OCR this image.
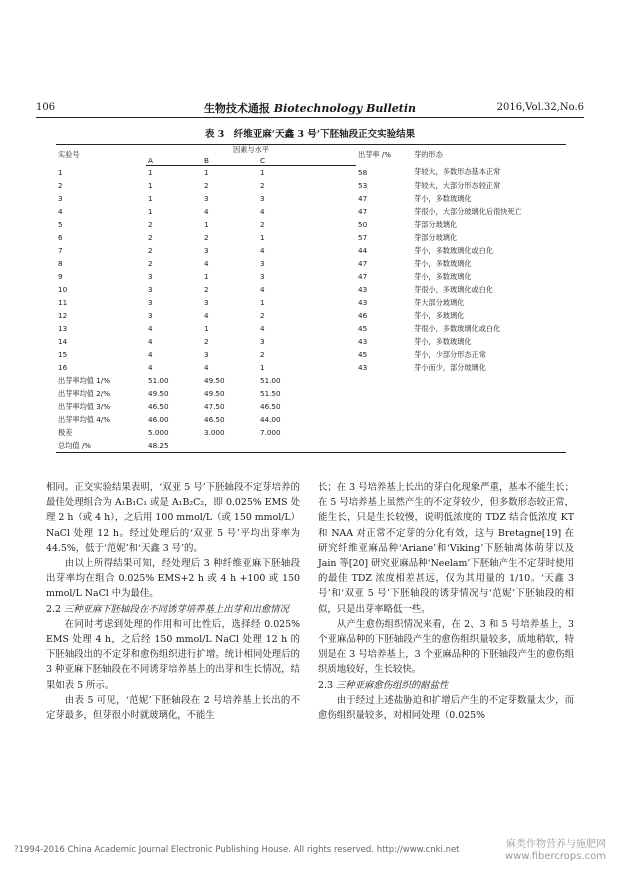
106	生物技术通报 Biotechnology Bulletin	2016,Vol.32,No.6
表 3　纤维亚麻‘天鑫 3 号’下胚轴段正交实验结果
实验号	因素与水平			出芽率 /%	芽的形态
	A	B	C		
1	1	1	1	58	芽较大，多数形态基本正常
2	1	2	2	53	芽较大，大部分形态较正常
3	1	3	3	47	芽小，多数玻璃化
4	1	4	4	47	芽很小，大部分玻璃化后很快死亡
5	2	1	2	50	芽部分玻璃化
6	2	2	1	57	芽部分玻璃化
7	2	3	4	44	芽小，多数玻璃化或白化
8	2	4	3	47	芽小，多数玻璃化
9	3	1	3	47	芽小，多数玻璃化
10	3	2	4	43	芽很小，多玻璃化或白化
11	3	3	1	43	芽大部分玻璃化
12	3	4	2	46	芽小，多玻璃化
13	4	1	4	45	芽很小，多数玻璃化或白化
14	4	2	3	43	芽小，多数玻璃化
15	4	3	2	45	芽小，少部分形态正常
16	4	4	1	43	芽小而少，部分玻璃化
出芽率均值 1/%	51.00	49.50	51.00		
出芽率均值 2/%	49.50	49.50	51.50		
出芽率均值 3/%	46.50	47.50	46.50		
出芽率均值 4/%	46.00	46.50	44.00		
极差	5.000	3.000	7.000		
总均值 /%	48.25				

相同。正交实验结果表明，‘双亚 5 号’下胚轴段不定芽培养的最佳处理组合为 A₁B₁C₁ 或是 A₁B₂C₂，即 0.025% EMS 处理 2 h（或 4 h），之后用 100 mmol/L（或 150 mmol/L）NaCl 处理 12 h。经过处理后的‘双亚 5 号’平均出芽率为 44.5%，低于‘范妮’和‘天鑫 3 号’的。

由以上所得结果可知，经处理后 3 种纤维亚麻下胚轴段出芽率均在组合 0.025% EMS+2 h 或 4 h +100 或 150 mmol/L NaCl 中为最佳。

2.2 三种亚麻下胚轴段在不同诱芽培养基上出芽和出愈情况

在同时考虑到处理的作用和可比性后，选择经 0.025% EMS 处理 4 h，之后经 150 mmol/L NaCl 处理 12 h 的下胚轴段出的不定芽和愈伤组织进行扩增。统计相同处理后的 3 种亚麻下胚轴段在不同诱芽培养基上的出芽和生长情况，结果如表 5 所示。

由表 5 可见，‘范妮’下胚轴段在 2 号培养基上长出的不定芽最多，但芽很小时就玻璃化，不能生

长；在 3 号培养基上长出的芽白化现象严重，基本不能生长；在 5 号培养基上虽然产生的不定芽较少，但多数形态较正常，能生长，只是生长较慢，说明低浓度的 TDZ 结合低浓度 KT 和 NAA 对正常不定芽的分化有效，这与 Bretagne[19] 在研究纤维亚麻品种‘Ariane’和‘Viking’下胚轴离体萌芽以及 Jain 等[20] 研究亚麻品种‘Neelam’下胚轴产生不定芽时使用的最佳 TDZ 浓度相差甚远，仅为其用量的 1/10。‘天鑫 3 号’和‘双亚 5 号’下胚轴段的诱芽情况与‘范妮’下胚轴段的相似，只是出芽率略低一些。

从产生愈伤组织情况来看，在 2、3 和 5 号培养基上，3 个亚麻品种的下胚轴段产生的愈伤组织量较多，质地稍软，特别是在 3 号培养基上，3 个亚麻品种的下胚轴段产生的愈伤组织质地较好，生长较快。

2.3 三种亚麻愈伤组织的耐盐性

由于经过上述盐胁迫和扩增后产生的不定芽数量太少，而愈伤组织量较多，对相同处理（0.025%

?1994-2016 China Academic Journal Electronic Publishing House. All rights reserved. http://www.cnki.net	麻类作物营养与施肥网
www.fibercrops.com
